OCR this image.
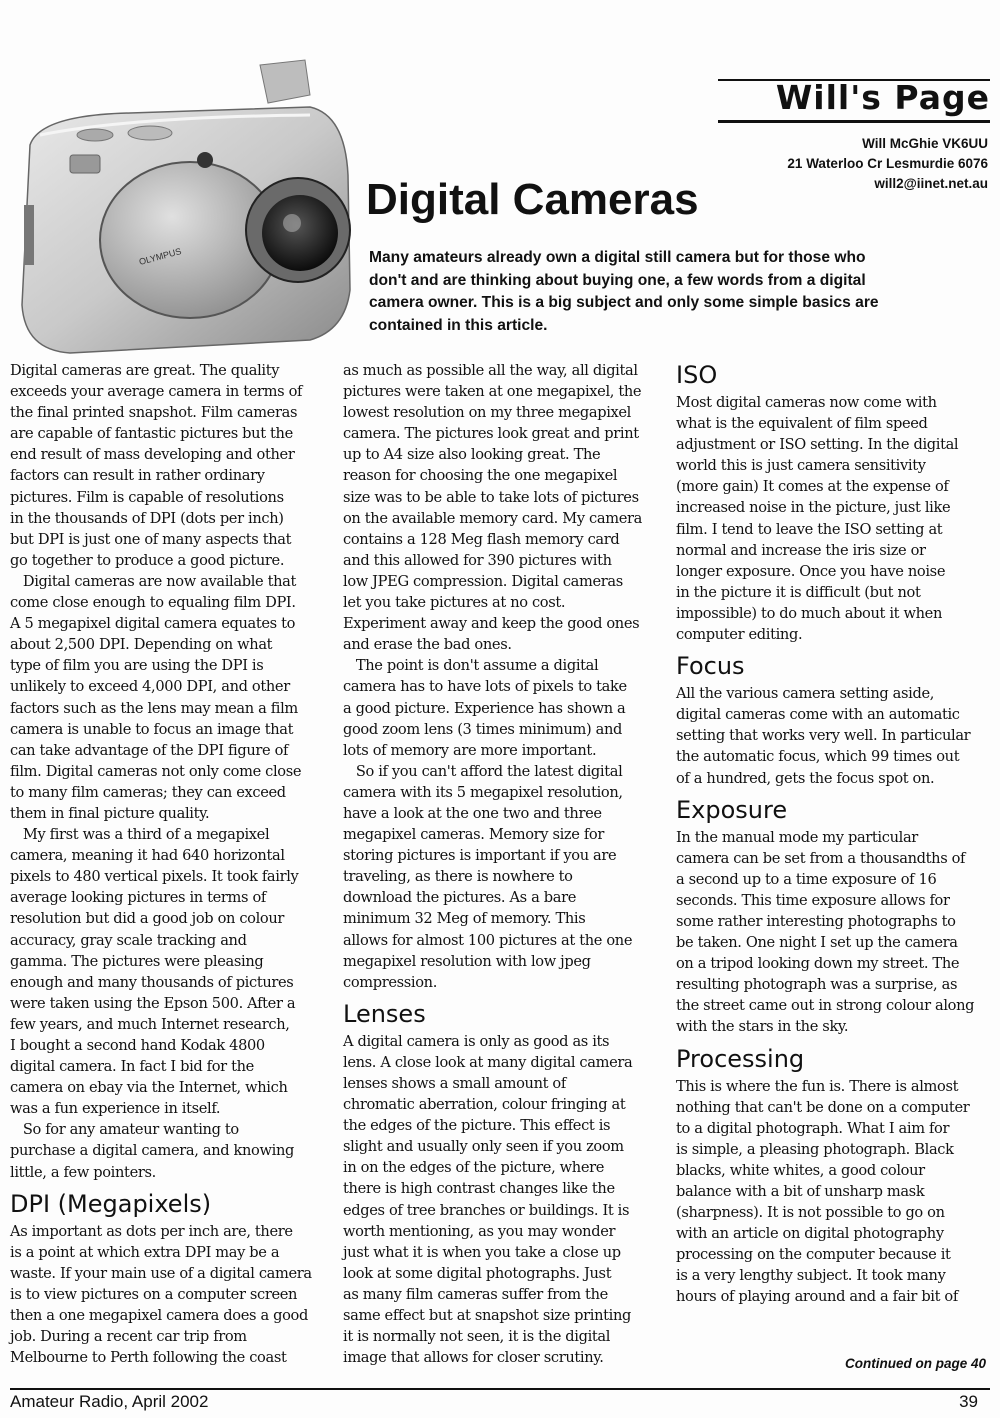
OLYMPUS
Will's Page
Will McGhie VK6UU
21 Waterloo Cr Lesmurdie 6076
will2@iinet.net.au
Digital Cameras
Many amateurs already own a digital still camera but for those who
don't and are thinking about buying one, a few words from a digital
camera owner. This is a big subject and only some simple basics are
contained in this article.
Digital cameras are great. The quality
exceeds your average camera in terms of
the final printed snapshot. Film cameras
are capable of fantastic pictures but the
end result of mass developing and other
factors can result in rather ordinary
pictures. Film is capable of resolutions
in the thousands of DPI (dots per inch)
but DPI is just one of many aspects that
go together to produce a good picture.
Digital cameras are now available that
come close enough to equaling film DPI.
A 5 megapixel digital camera equates to
about 2,500 DPI. Depending on what
type of film you are using the DPI is
unlikely to exceed 4,000 DPI, and other
factors such as the lens may mean a film
camera is unable to focus an image that
can take advantage of the DPI figure of
film. Digital cameras not only come close
to many film cameras; they can exceed
them in final picture quality.
My first was a third of a megapixel
camera, meaning it had 640 horizontal
pixels to 480 vertical pixels. It took fairly
average looking pictures in terms of
resolution but did a good job on colour
accuracy, gray scale tracking and
gamma. The pictures were pleasing
enough and many thousands of pictures
were taken using the Epson 500. After a
few years, and much Internet research,
I bought a second hand Kodak 4800
digital camera. In fact I bid for the
camera on ebay via the Internet, which
was a fun experience in itself.
So for any amateur wanting to
purchase a digital camera, and knowing
little, a few pointers.
DPI (Megapixels)
As important as dots per inch are, there
is a point at which extra DPI may be a
waste. If your main use of a digital camera
is to view pictures on a computer screen
then a one megapixel camera does a good
job. During a recent car trip from
Melbourne to Perth following the coast
as much as possible all the way, all digital
pictures were taken at one megapixel, the
lowest resolution on my three megapixel
camera. The pictures look great and print
up to A4 size also looking great. The
reason for choosing the one megapixel
size was to be able to take lots of pictures
on the available memory card. My camera
contains a 128 Meg flash memory card
and this allowed for 390 pictures with
low JPEG compression. Digital cameras
let you take pictures at no cost.
Experiment away and keep the good ones
and erase the bad ones.
The point is don't assume a digital
camera has to have lots of pixels to take
a good picture. Experience has shown a
good zoom lens (3 times minimum) and
lots of memory are more important.
So if you can't afford the latest digital
camera with its 5 megapixel resolution,
have a look at the one two and three
megapixel cameras. Memory size for
storing pictures is important if you are
traveling, as there is nowhere to
download the pictures. As a bare
minimum 32 Meg of memory. This
allows for almost 100 pictures at the one
megapixel resolution with low jpeg
compression.
Lenses
A digital camera is only as good as its
lens. A close look at many digital camera
lenses shows a small amount of
chromatic aberration, colour fringing at
the edges of the picture. This effect is
slight and usually only seen if you zoom
in on the edges of the picture, where
there is high contrast changes like the
edges of tree branches or buildings. It is
worth mentioning, as you may wonder
just what it is when you take a close up
look at some digital photographs. Just
as many film cameras suffer from the
same effect but at snapshot size printing
it is normally not seen, it is the digital
image that allows for closer scrutiny.
ISO
Most digital cameras now come with
what is the equivalent of film speed
adjustment or ISO setting. In the digital
world this is just camera sensitivity
(more gain) It comes at the expense of
increased noise in the picture, just like
film. I tend to leave the ISO setting at
normal and increase the iris size or
longer exposure. Once you have noise
in the picture it is difficult (but not
impossible) to do much about it when
computer editing.
Focus
All the various camera setting aside,
digital cameras come with an automatic
setting that works very well. In particular
the automatic focus, which 99 times out
of a hundred, gets the focus spot on.
Exposure
In the manual mode my particular
camera can be set from a thousandths of
a second up to a time exposure of 16
seconds. This time exposure allows for
some rather interesting photographs to
be taken. One night I set up the camera
on a tripod looking down my street. The
resulting photograph was a surprise, as
the street came out in strong colour along
with the stars in the sky.
Processing
This is where the fun is. There is almost
nothing that can't be done on a computer
to a digital photograph. What I aim for
is simple, a pleasing photograph. Black
blacks, white whites, a good colour
balance with a bit of unsharp mask
(sharpness). It is not possible to go on
with an article on digital photography
processing on the computer because it
is a very lengthy subject. It took many
hours of playing around and a fair bit of
Continued on page 40
Amateur Radio, April 2002	39
